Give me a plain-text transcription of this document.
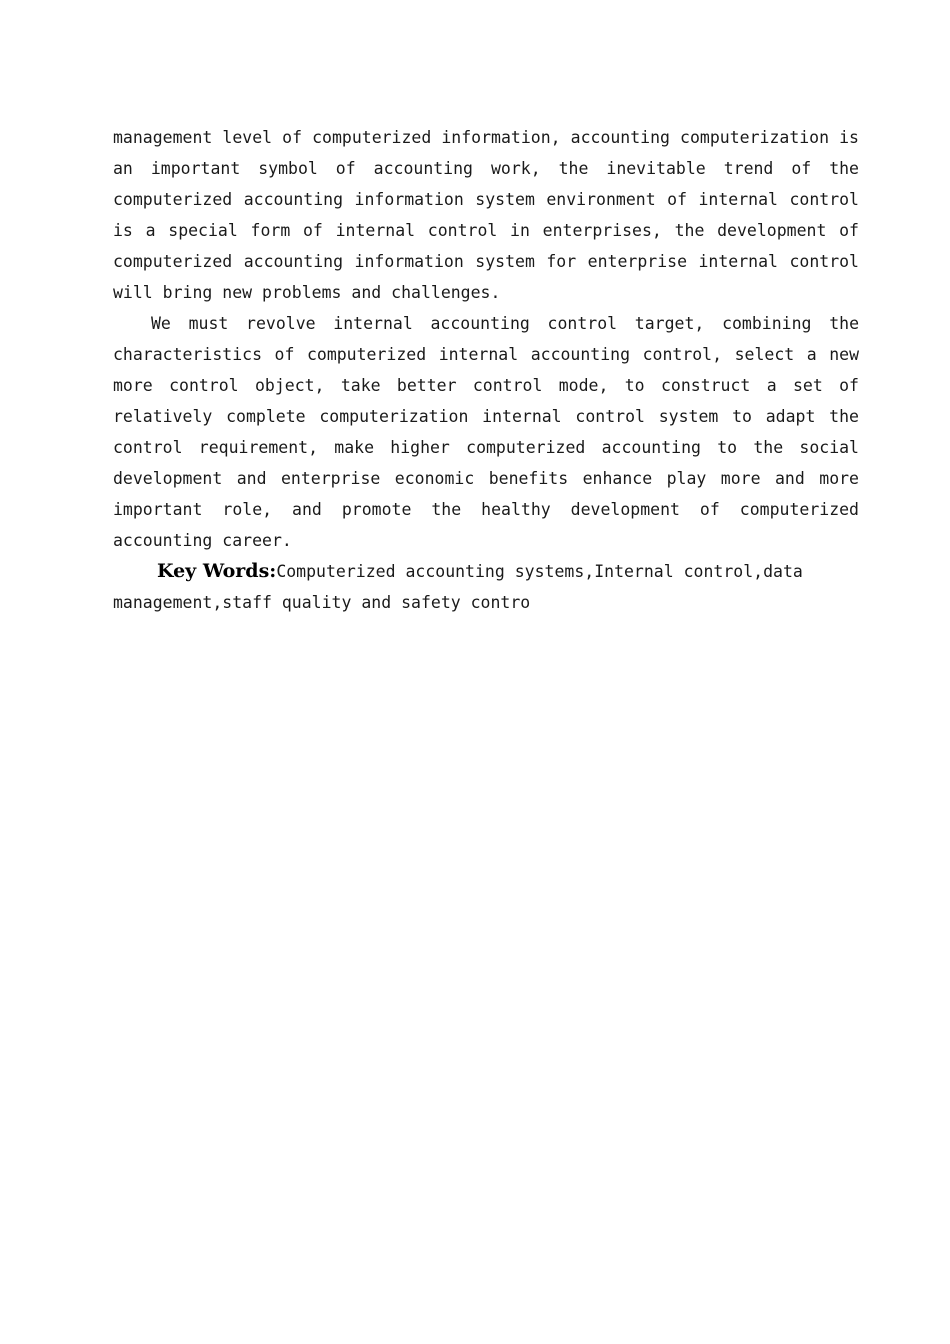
management level of computerized information, accounting computerization is an important symbol of accounting work, the inevitable trend of the computerized accounting information system environment of internal control is a special form of internal control in enterprises, the development of computerized accounting information system for enterprise internal control will bring new problems and challenges.

We must revolve internal accounting control target, combining the characteristics of computerized internal accounting control, select a new more control object, take better control mode, to construct a set of relatively complete computerization internal control system to adapt the control requirement, make higher computerized accounting to the social development and enterprise economic benefits enhance play more and more important role, and promote the healthy development of computerized accounting career.

Key Words:Computerized accounting systems,Internal control,data management,staff quality and safety contro
